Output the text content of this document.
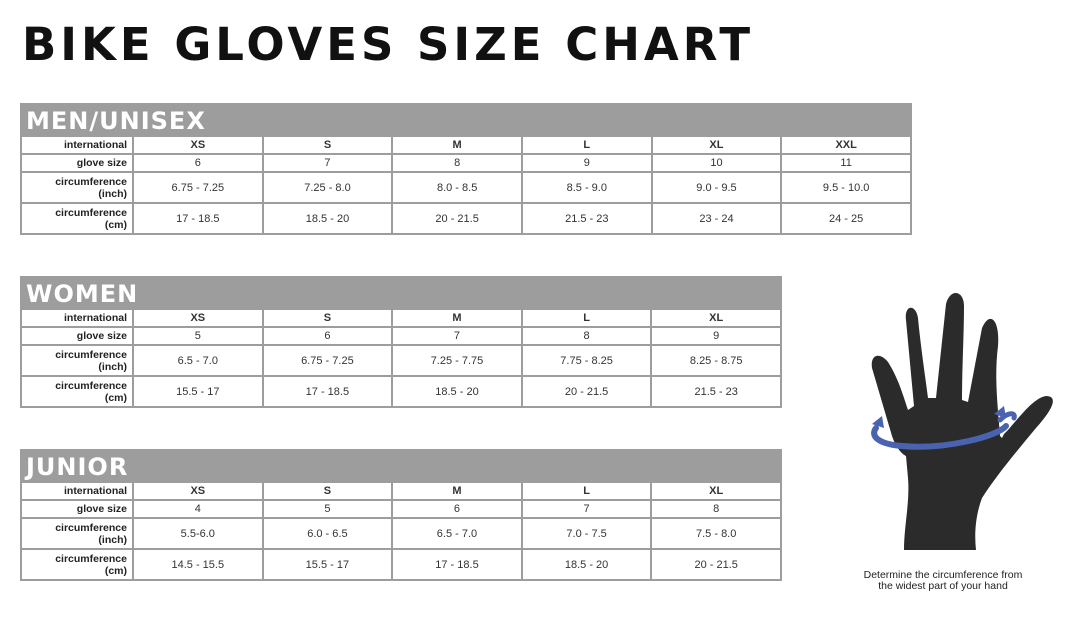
BIKE GLOVES SIZE CHART
MEN/UNISEX
international	XS	S	M	L	XL	XXL
glove size	6	7	8	9	10	11
circumference
(inch)	6.75 - 7.25	7.25 - 8.0	8.0 - 8.5	8.5 - 9.0	9.0 - 9.5	9.5 - 10.0
circumference
(cm)	17 - 18.5	18.5 - 20	20 - 21.5	21.5 - 23	23 - 24	24 - 25
WOMEN
international	XS	S	M	L	XL
glove size	5	6	7	8	9
circumference
(inch)	6.5 - 7.0	6.75 - 7.25	7.25 - 7.75	7.75 - 8.25	8.25 - 8.75
circumference
(cm)	15.5 - 17	17 - 18.5	18.5 - 20	20 - 21.5	21.5 - 23
JUNIOR
international	XS	S	M	L	XL
glove size	4	5	6	7	8
circumference
(inch)	5.5-6.0	6.0 - 6.5	6.5 - 7.0	7.0 - 7.5	7.5 - 8.0
circumference
(cm)	14.5 - 15.5	15.5 - 17	17 - 18.5	18.5 - 20	20 - 21.5
Determine the circumference from
the widest part of your hand
